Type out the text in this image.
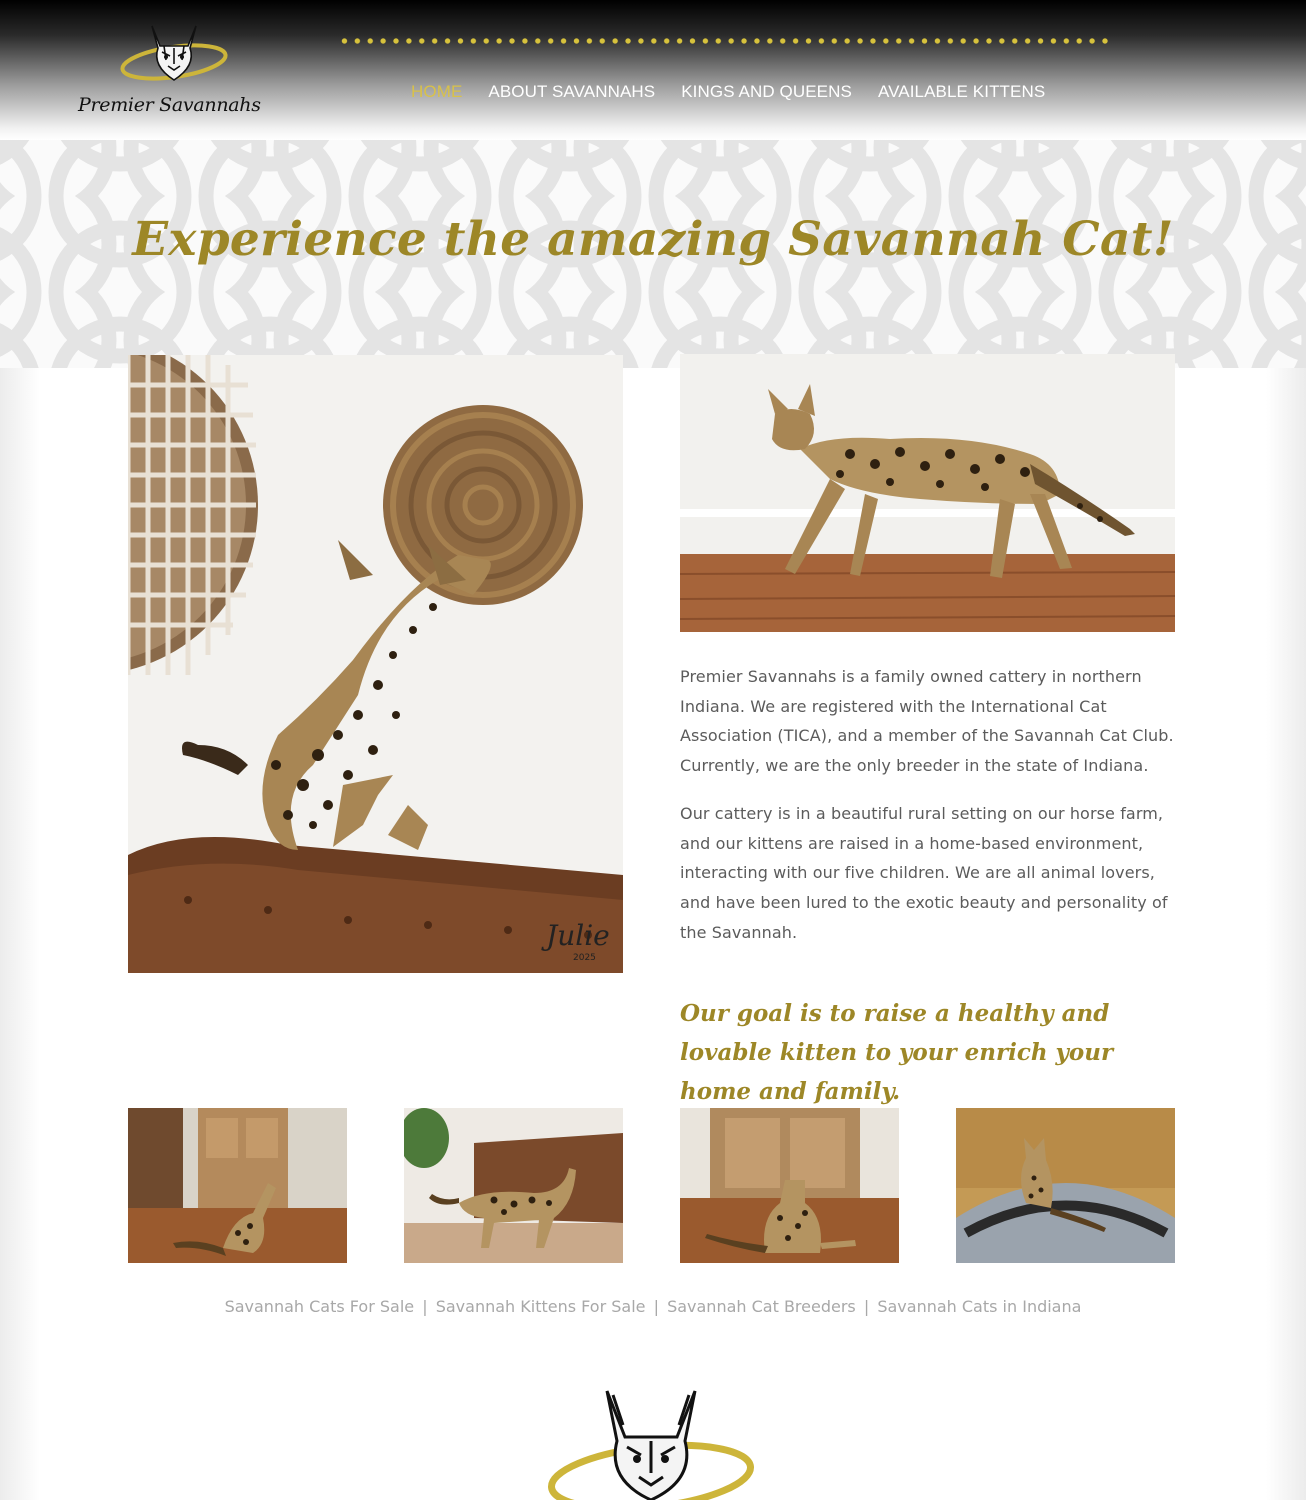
Premier Savannahs
HOME	ABOUT SAVANNAHS	KINGS AND QUEENS	AVAILABLE KITTENS
Experience the amazing Savannah Cat!
Julie
2025

Premier Savannahs is a family owned cattery in northern Indiana. We are registered with the International Cat Association (TICA), and a member of the Savannah Cat Club. Currently, we are the only breeder in the state of Indiana.

Our cattery is in a beautiful rural setting on our horse farm, and our kittens are raised in a home-based environment, interacting with our five children. We are all animal lovers, and have been lured to the exotic beauty and personality of the Savannah.

Our goal is to raise a healthy and lovable kitten to your enrich your home and family.

Savannah Cats For Sale | Savannah Kittens For Sale | Savannah Cat Breeders | Savannah Cats in Indiana
